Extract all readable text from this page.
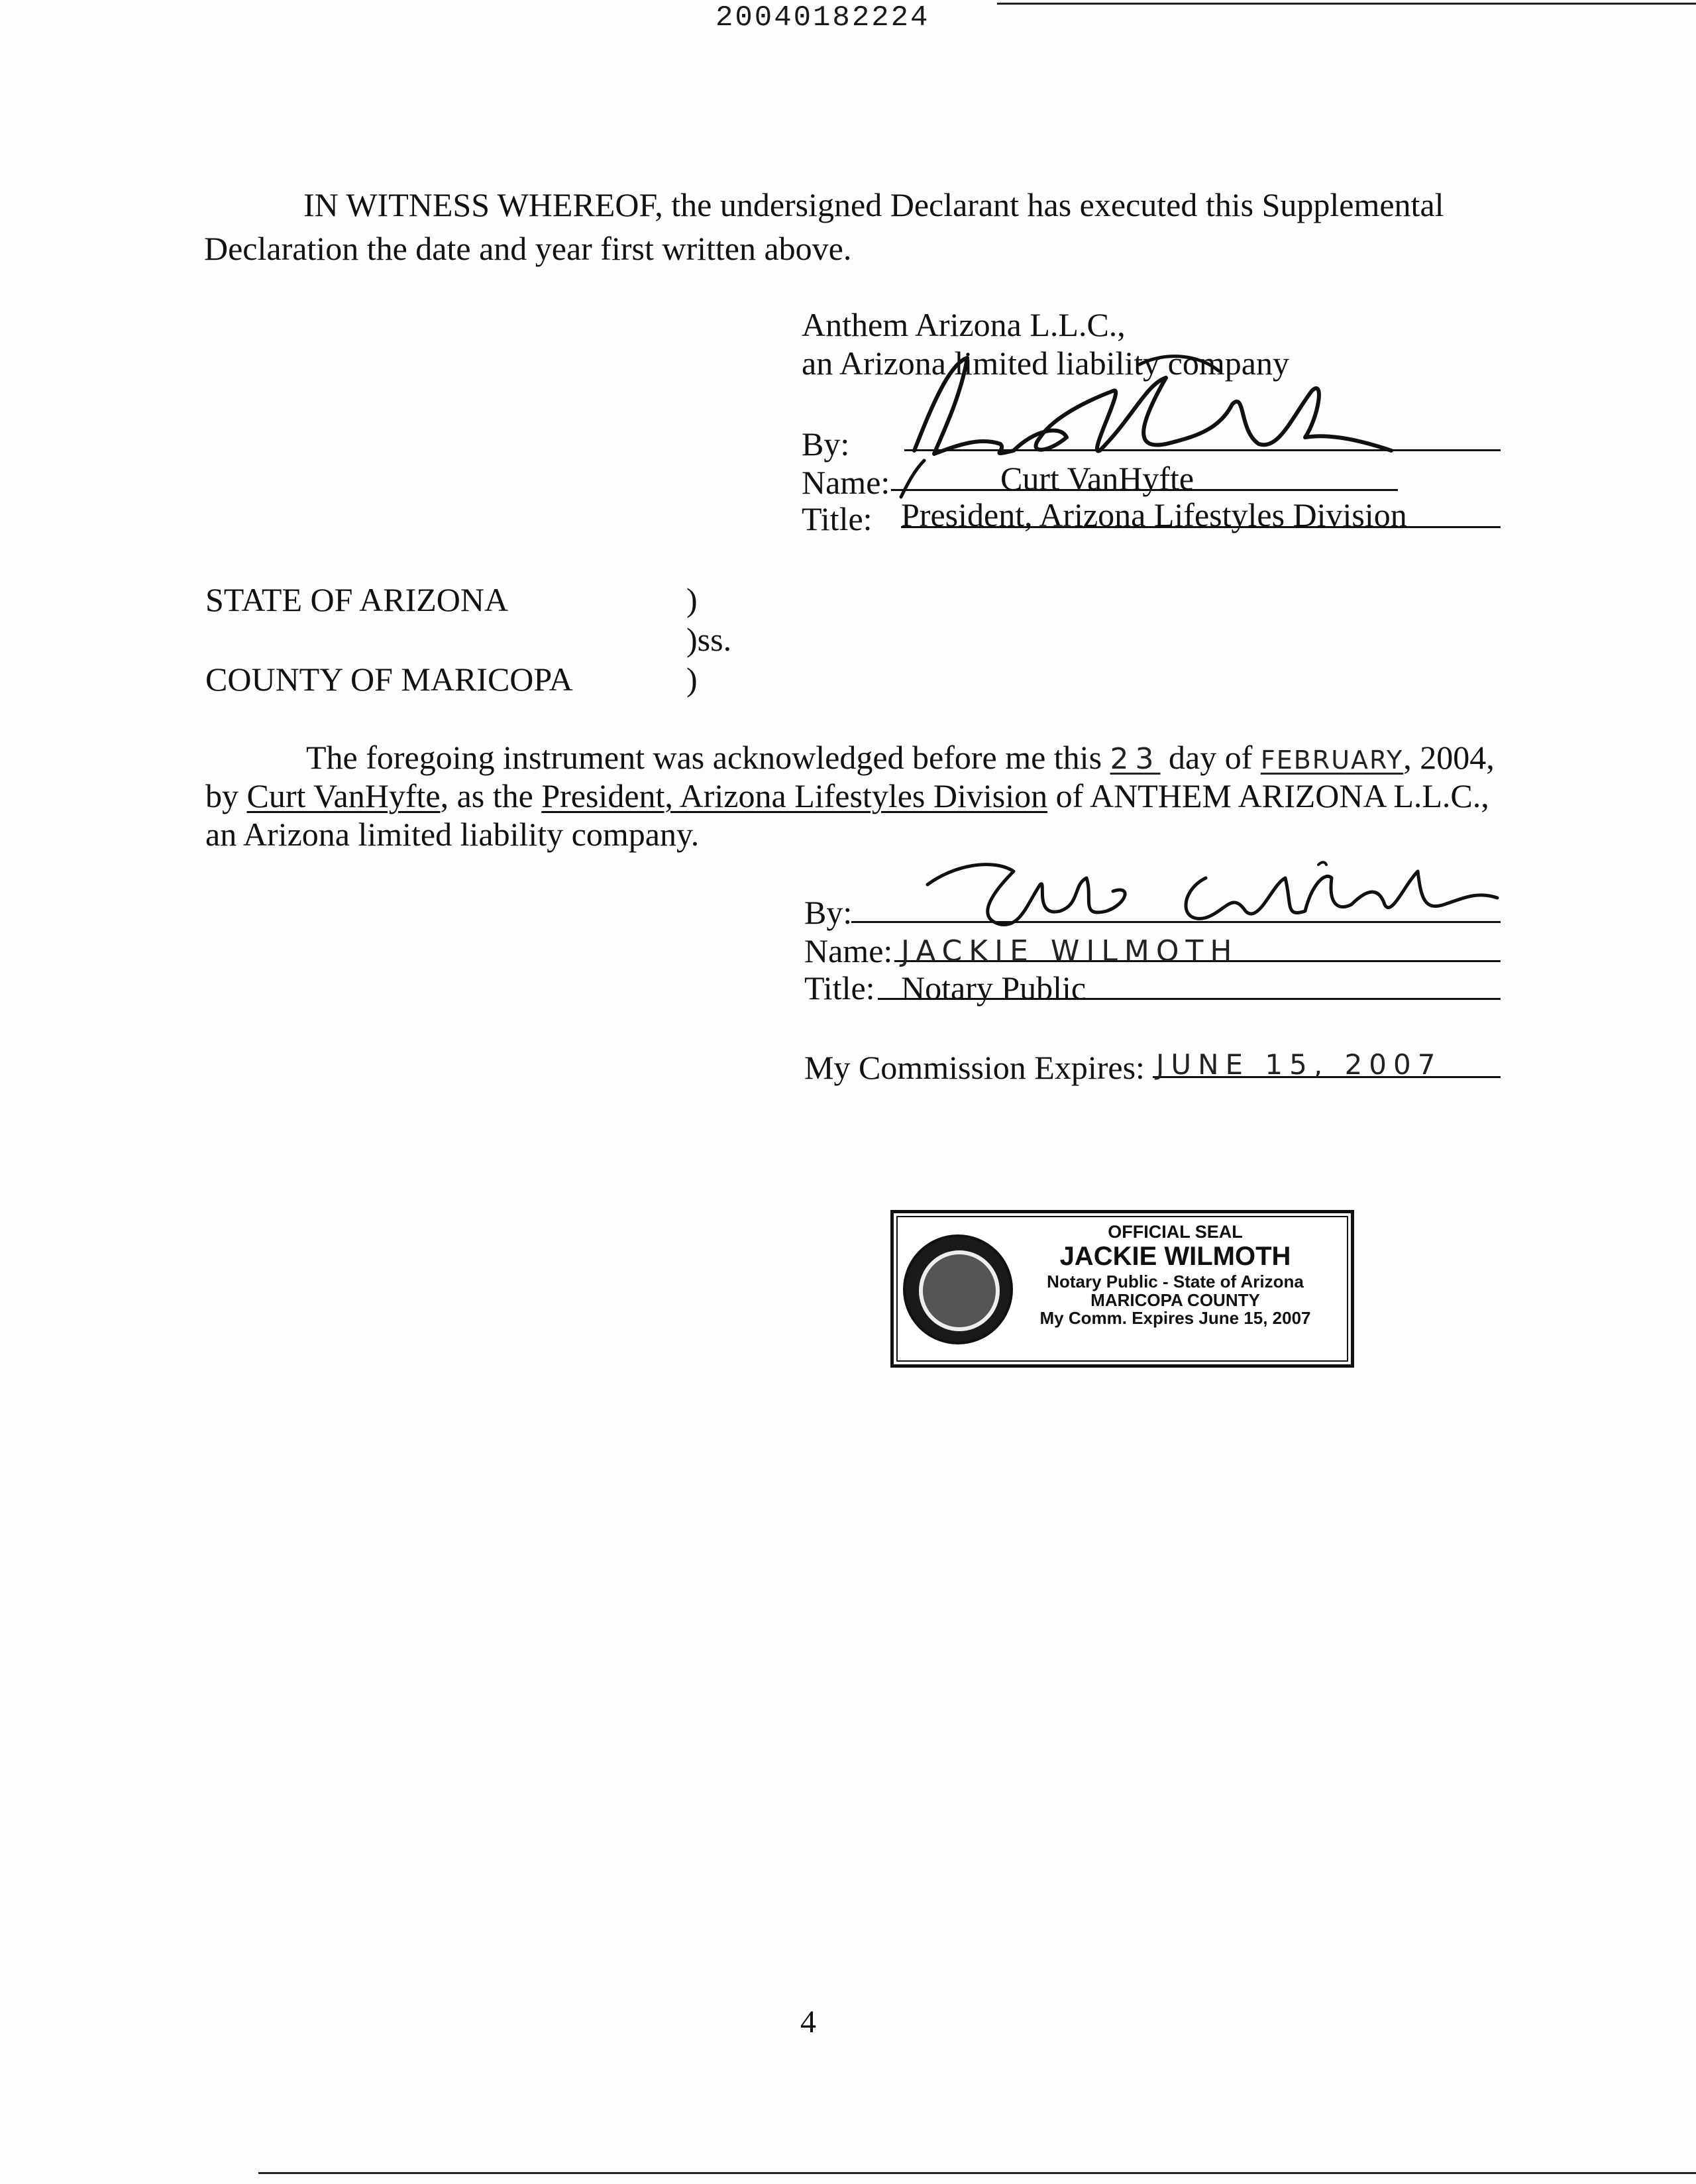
20040182224
IN WITNESS WHEREOF, the undersigned Declarant has executed this Supplemental
Declaration the date and year first written above.
Anthem Arizona L.L.C.,
an Arizona limited liability company
By:
Name:	Curt VanHyfte
Title: President, Arizona Lifestyles Division
STATE OF ARIZONA	)
)ss.
COUNTY OF MARICOPA	)
The foregoing instrument was acknowledged before me this 23 day of FEBRUARY, 2004,
by Curt VanHyfte, as the President, Arizona Lifestyles Division of ANTHEM ARIZONA L.L.C.,
an Arizona limited liability company.
By:
Name: JACKIE WILMOTH
Title: Notary Public
My Commission Expires: JUNE 15, 2007
OFFICIAL SEAL
JACKIE WILMOTH
Notary Public - State of Arizona
MARICOPA COUNTY
My Comm. Expires June 15, 2007
4
